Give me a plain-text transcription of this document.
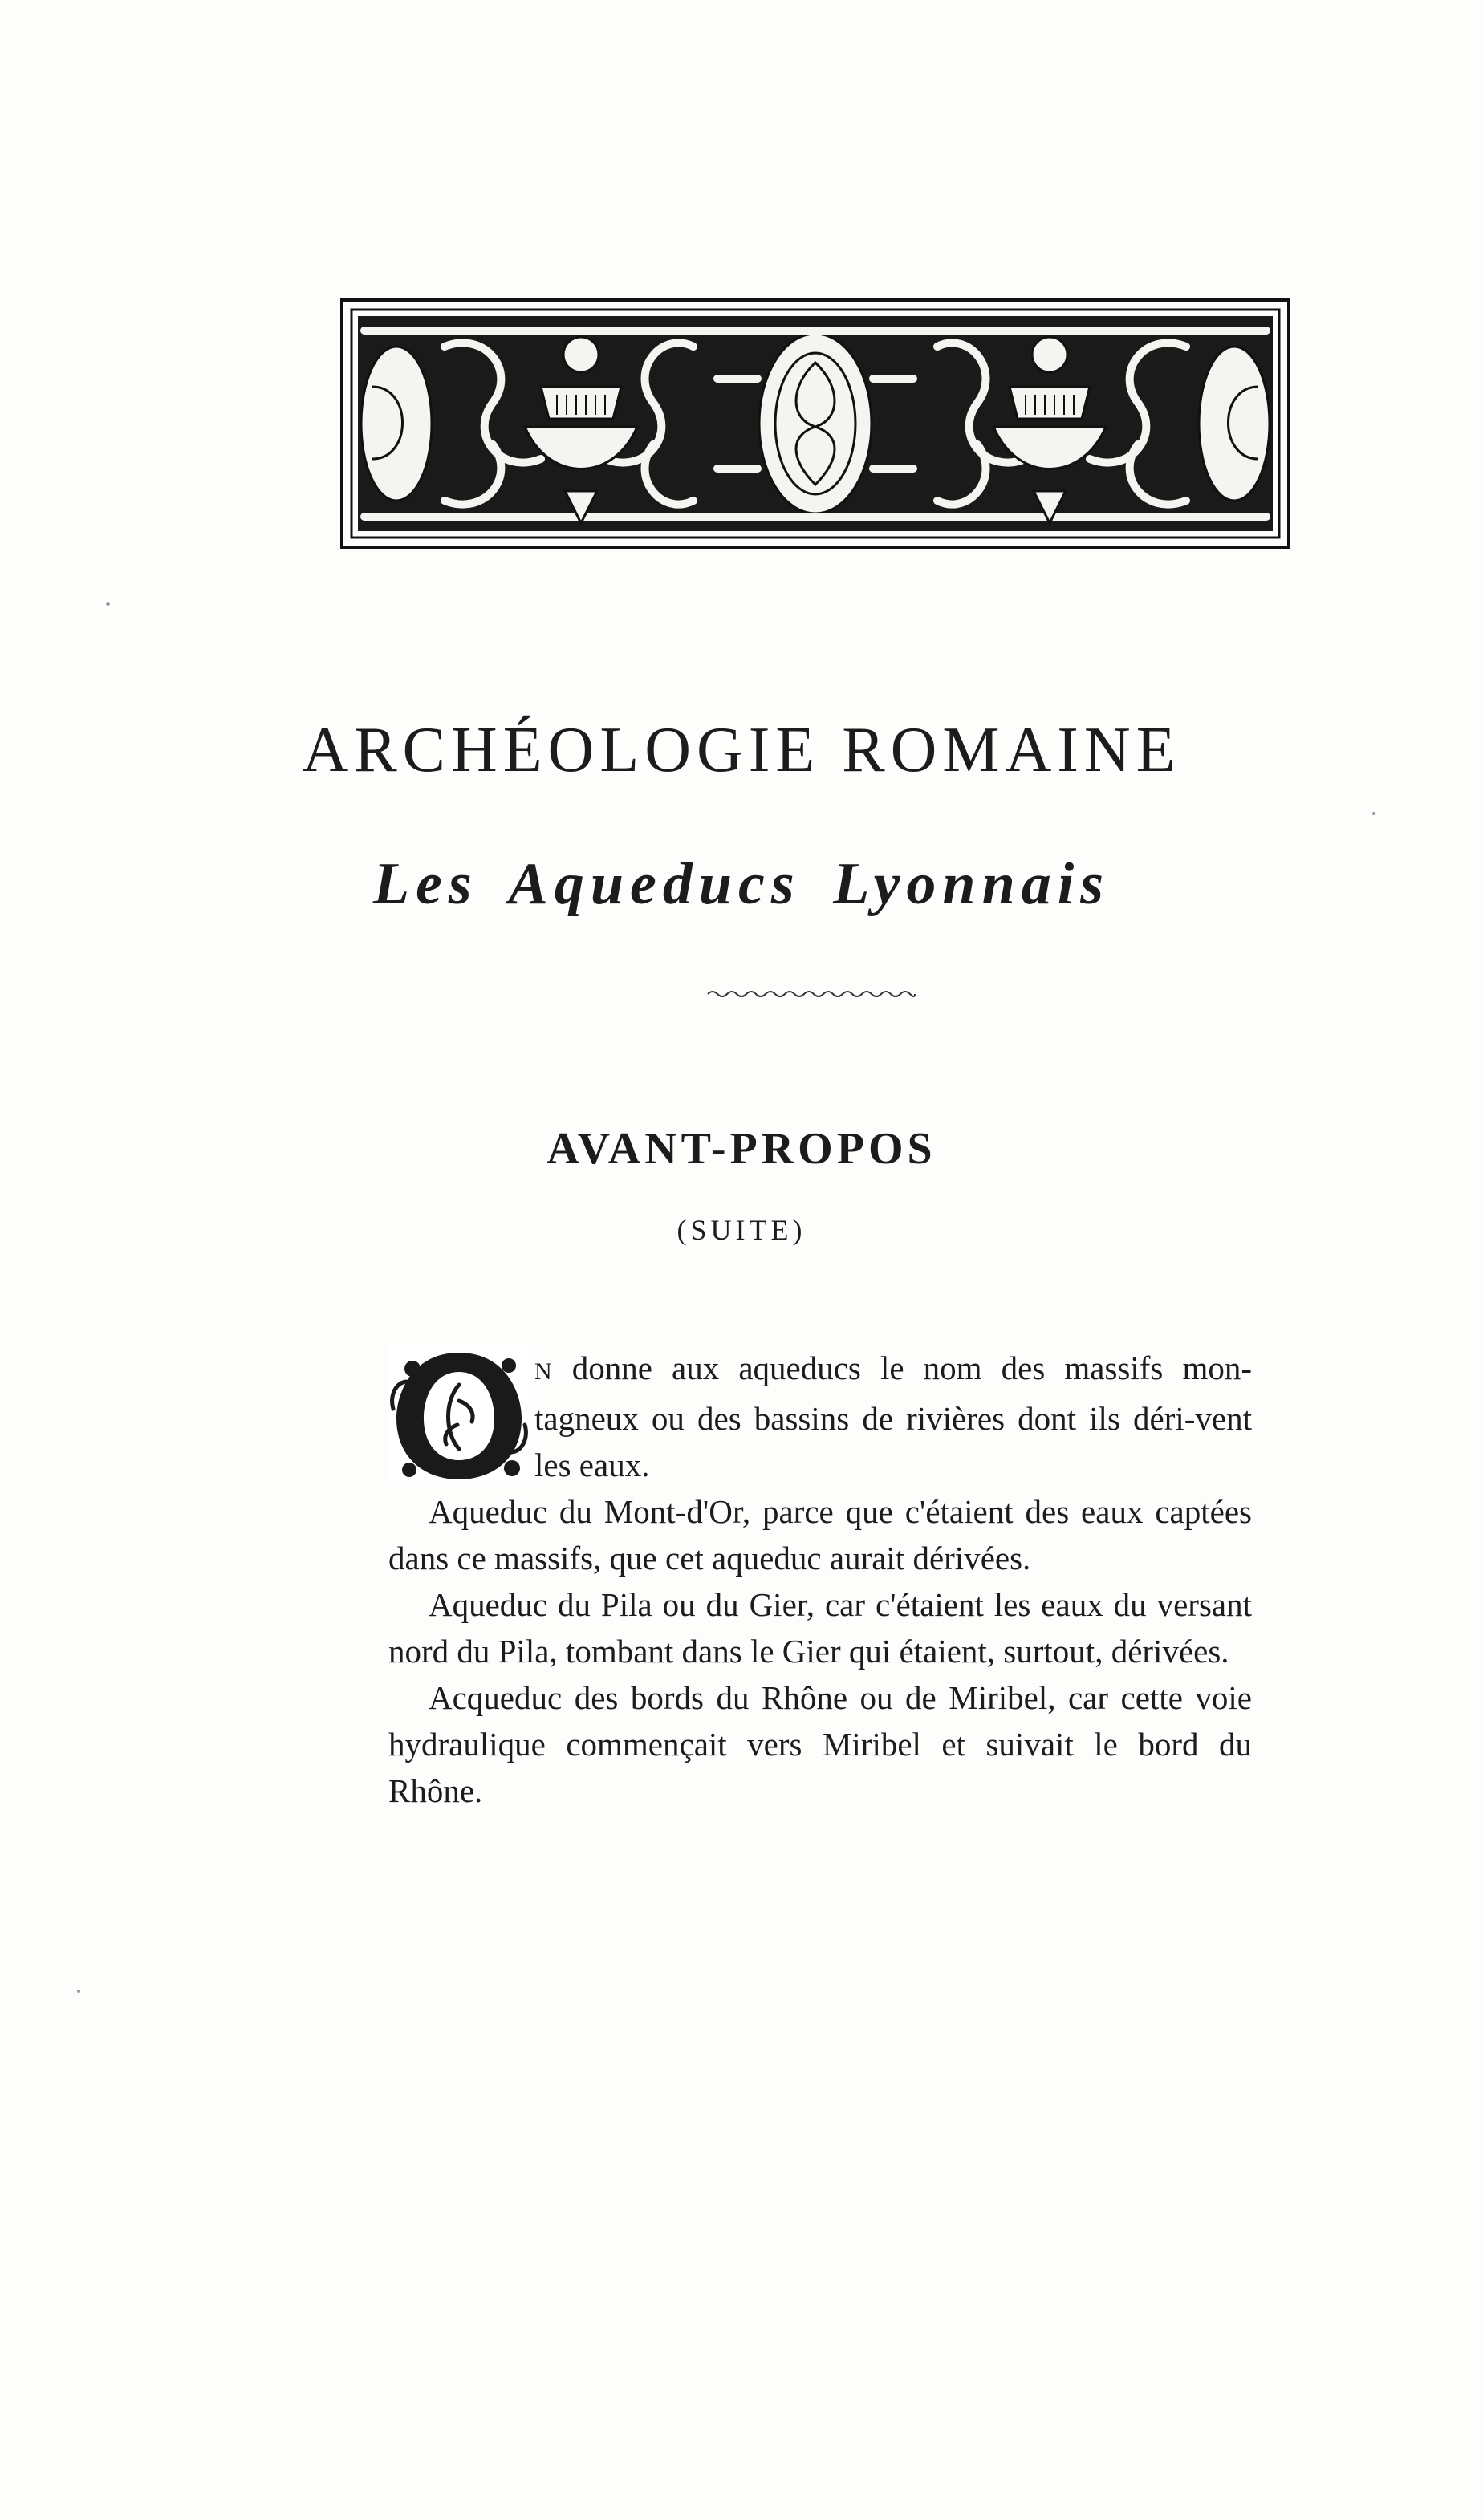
ARCHÉOLOGIE ROMAINE
Les Aqueducs Lyonnais
AVANT-PROPOS
(SUITE)

N donne aux aqueducs le nom des massifs mon-tagneux ou des bassins de rivières dont ils déri-vent les eaux.

Aqueduc du Mont-d'Or, parce que c'étaient des eaux captées dans ce massifs, que cet aqueduc aurait dérivées.

Aqueduc du Pila ou du Gier, car c'étaient les eaux du versant nord du Pila, tombant dans le Gier qui étaient, surtout, dérivées.

Acqueduc des bords du Rhône ou de Miribel, car cette voie hydraulique commençait vers Miribel et suivait le bord du Rhône.
